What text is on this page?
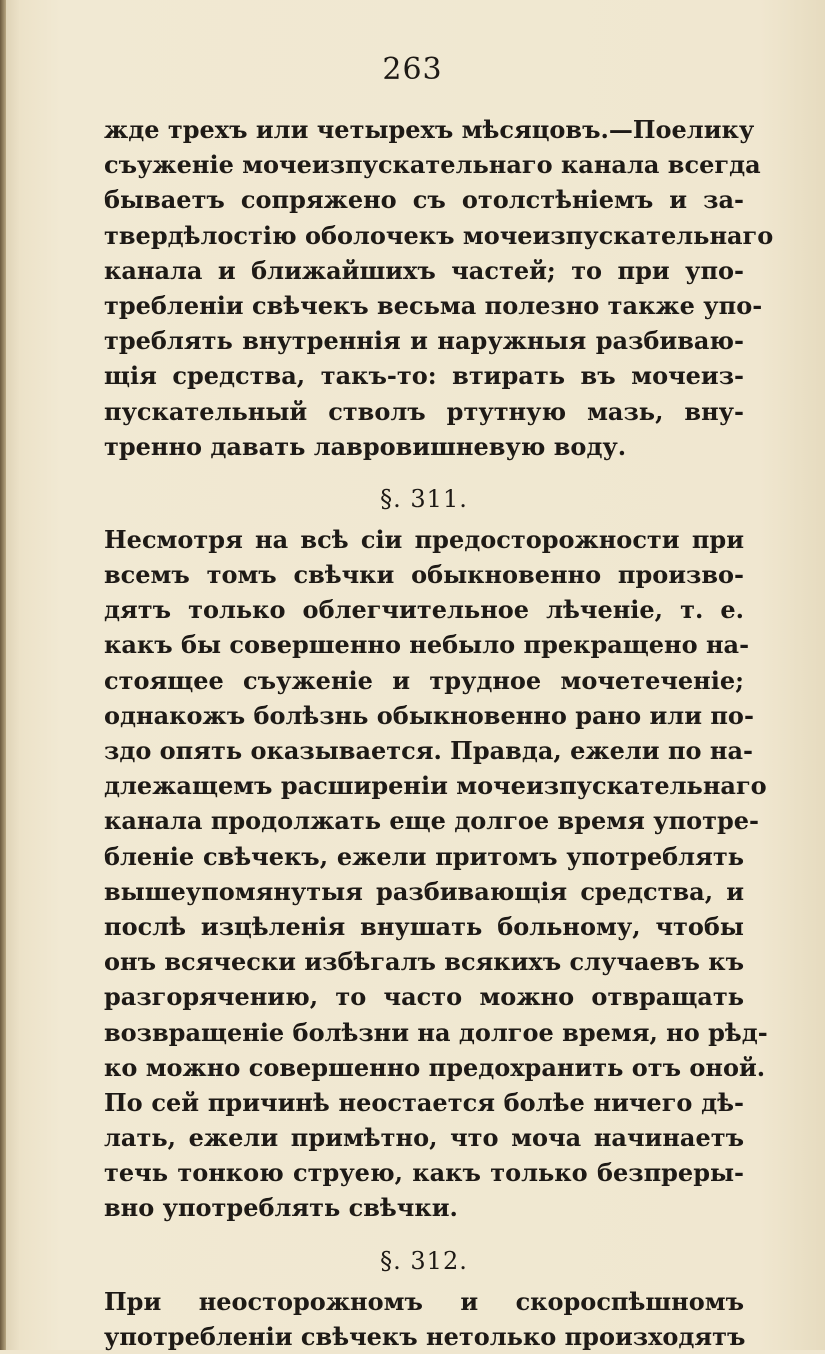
263
жде трехъ или четырехъ мѣсяцовъ.—Поелику
съуженіе мочеизпускательнаго канала всегда
бываетъ сопряжено съ отолстѣніемъ и за-
твердѣлостію оболочекъ мочеизпускательнаго
канала и ближайшихъ частей; то при упо-
требленіи свѣчекъ весьма полезно также упо-
треблять внутреннія и наружныя разбиваю-
щія средства, такъ-то: втирать въ мочеиз-
пускательный стволъ ртутную мазь, вну-
тренно давать лавровишневую воду.
§. 311.
Несмотря на всѣ сіи предосторожности при
всемъ томъ свѣчки обыкновенно произво-
дятъ только облегчительное лѣченіе, т. е.
какъ бы совершенно небыло прекращено на-
стоящее съуженіе и трудное мочетеченіе;
однакожъ болѣзнь обыкновенно рано или по-
здо опять оказывается. Правда, ежели по на-
длежащемъ расширеніи мочеизпускательнаго
канала продолжать еще долгое время употре-
бленіе свѣчекъ, ежели притомъ употреблять
вышеупомянутыя разбивающія средства, и
послѣ изцѣленія внушать больному, чтобы
онъ всячески избѣгалъ всякихъ случаевъ къ
разгорячению, то часто можно отвращать
возвращеніе болѣзни на долгое время, но рѣд-
ко можно совершенно предохранить отъ оной.
По сей причинѣ неостается болѣе ничего дѣ-
лать, ежели примѣтно, что моча начинаетъ
течь тонкою струею, какъ только безпреры-
вно употреблять свѣчки.
§. 312.
При неосторожномъ и скороспѣшномъ
употребленіи свѣчекъ нетолько произходятъ
